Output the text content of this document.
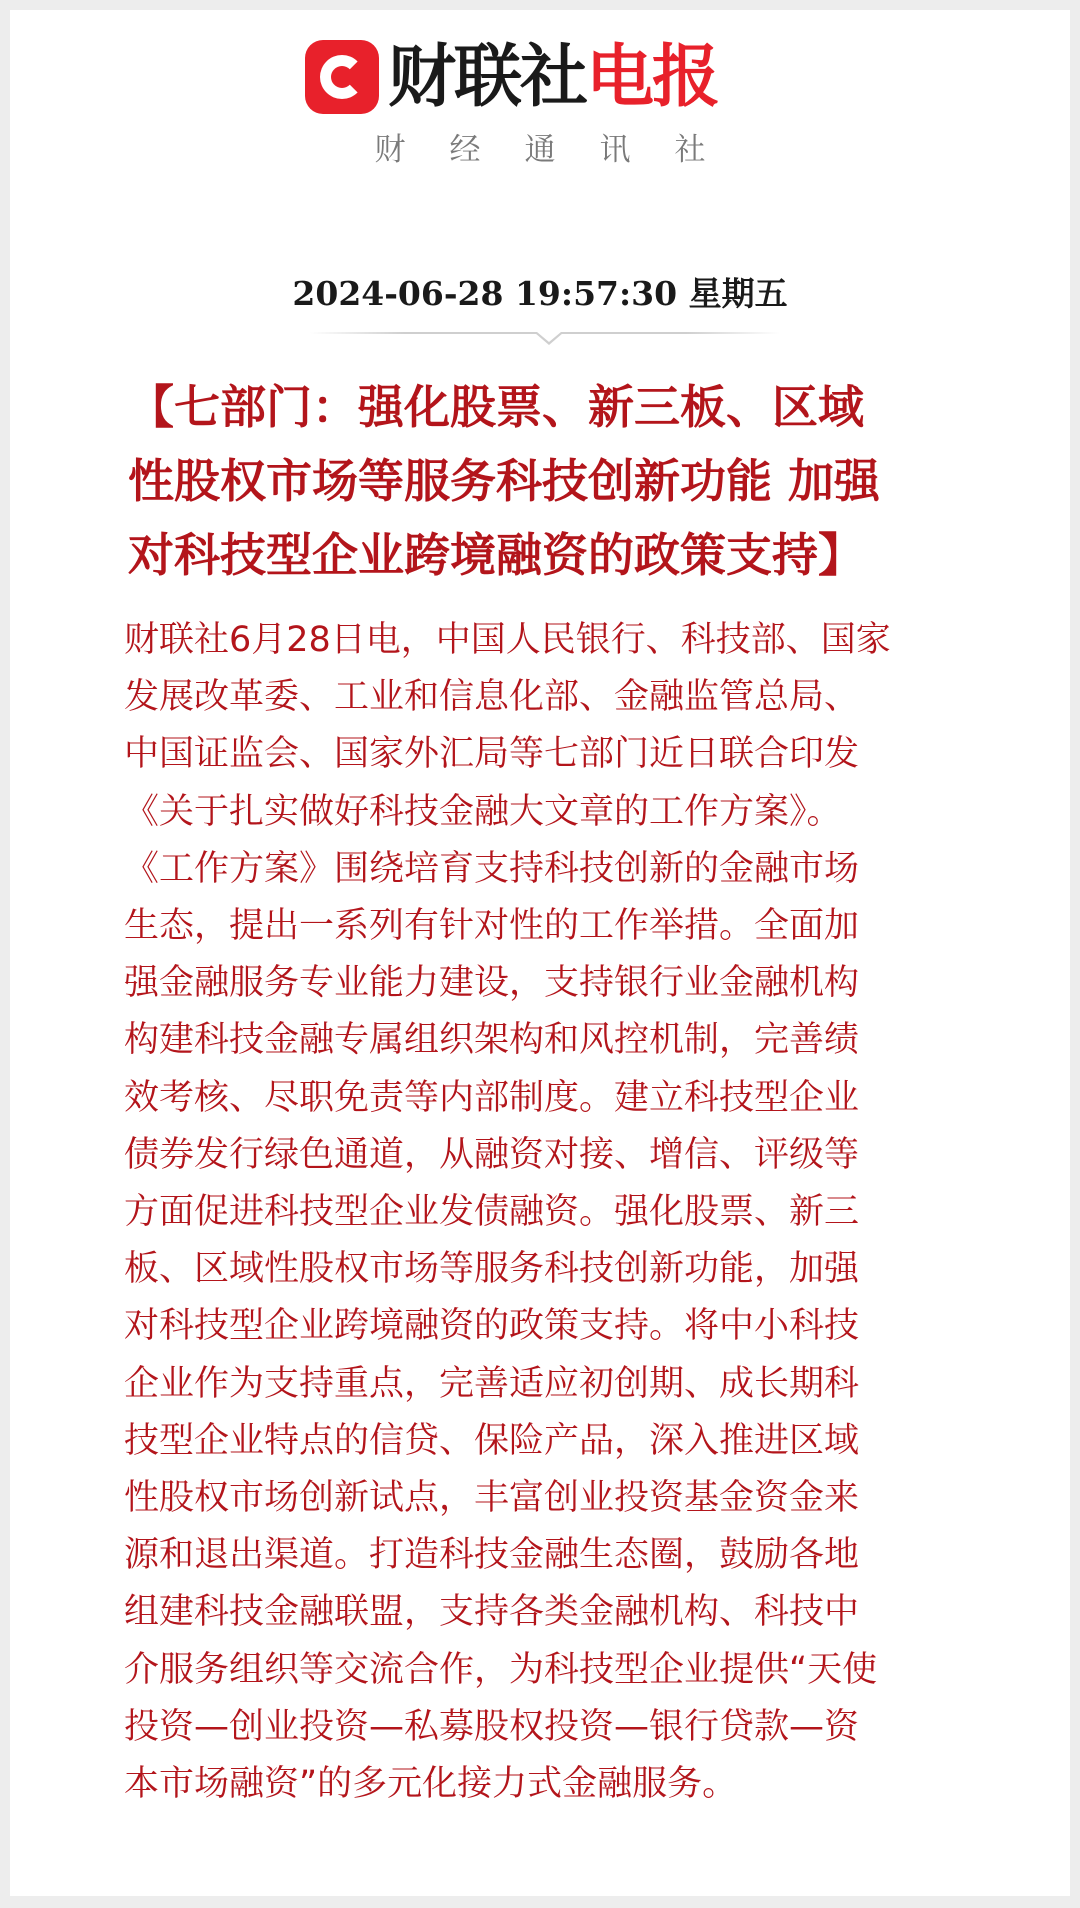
财联社电报
财经通讯社
2024-06-28 19:57:30 星期五
【七部门：强化股票、新三板、区域
性股权市场等服务科技创新功能 加强
对科技型企业跨境融资的政策支持】
财联社6月28日电，中国人民银行、科技部、国家
发展改革委、工业和信息化部、金融监管总局、
中国证监会、国家外汇局等七部门近日联合印发
《关于扎实做好科技金融大文章的工作方案》。
《工作方案》围绕培育支持科技创新的金融市场
生态，提出一系列有针对性的工作举措。全面加
强金融服务专业能力建设，支持银行业金融机构
构建科技金融专属组织架构和风控机制，完善绩
效考核、尽职免责等内部制度。建立科技型企业
债券发行绿色通道，从融资对接、增信、评级等
方面促进科技型企业发债融资。强化股票、新三
板、区域性股权市场等服务科技创新功能，加强
对科技型企业跨境融资的政策支持。将中小科技
企业作为支持重点，完善适应初创期、成长期科
技型企业特点的信贷、保险产品，深入推进区域
性股权市场创新试点，丰富创业投资基金资金来
源和退出渠道。打造科技金融生态圈，鼓励各地
组建科技金融联盟，支持各类金融机构、科技中
介服务组织等交流合作，为科技型企业提供“天使
投资—创业投资—私募股权投资—银行贷款—资
本市场融资”的多元化接力式金融服务。
